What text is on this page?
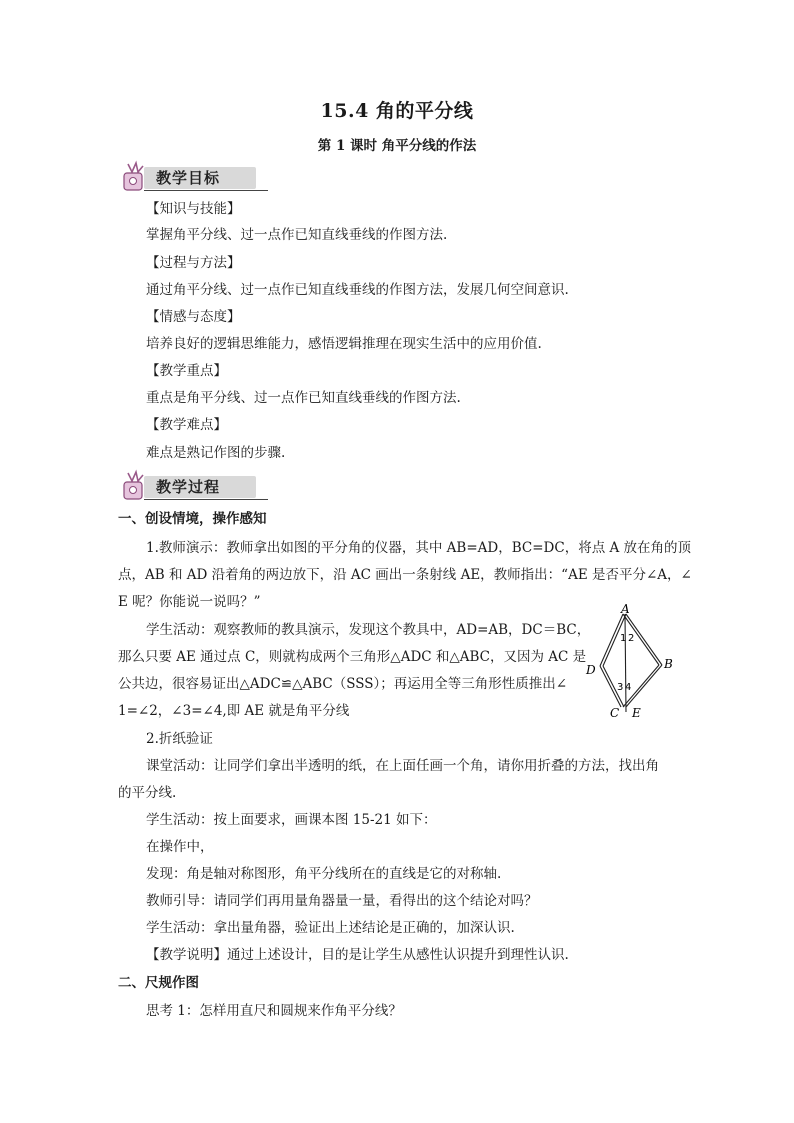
15.4 角的平分线
第 1 课时 角平分线的作法
教学目标
【知识与技能】
掌握角平分线、过一点作已知直线垂线的作图方法.
【过程与方法】
通过角平分线、过一点作已知直线垂线的作图方法，发展几何空间意识.
【情感与态度】
培养良好的逻辑思维能力，感悟逻辑推理在现实生活中的应用价值.
【教学重点】
重点是角平分线、过一点作已知直线垂线的作图方法.
【教学难点】
难点是熟记作图的步骤.
教学过程
一、创设情境，操作感知
1.教师演示：教师拿出如图的平分角的仪器，其中 AB=AD，BC=DC，将点 A 放在角的顶
点，AB 和 AD 沿着角的两边放下，沿 AC 画出一条射线 AE，教师指出：“AE 是否平分∠A，∠
E 呢？你能说一说吗？”
学生活动：观察教师的教具演示，发现这个教具中，AD=AB，DC＝BC，
那么只要 AE 通过点 C，则就构成两个三角形△ADC 和△ABC，又因为 AC 是
公共边，很容易证出△ADC≌△ABC（SSS）；再运用全等三角形性质推出∠
1=∠2，∠3=∠4,即 AE 就是角平分线
2.折纸验证
课堂活动：让同学们拿出半透明的纸，在上面任画一个角，请你用折叠的方法，找出角
的平分线.
学生活动：按上面要求，画课本图 15-21 如下：
在操作中，
发现：角是轴对称图形，角平分线所在的直线是它的对称轴.
教师引导：请同学们再用量角器量一量，看得出的这个结论对吗？
学生活动：拿出量角器，验证出上述结论是正确的，加深认识.
【教学说明】通过上述设计，目的是让学生从感性认识提升到理性认识.
二、尺规作图
思考 1：怎样用直尺和圆规来作角平分线？
A
B
D
C E
1 2
3 4
